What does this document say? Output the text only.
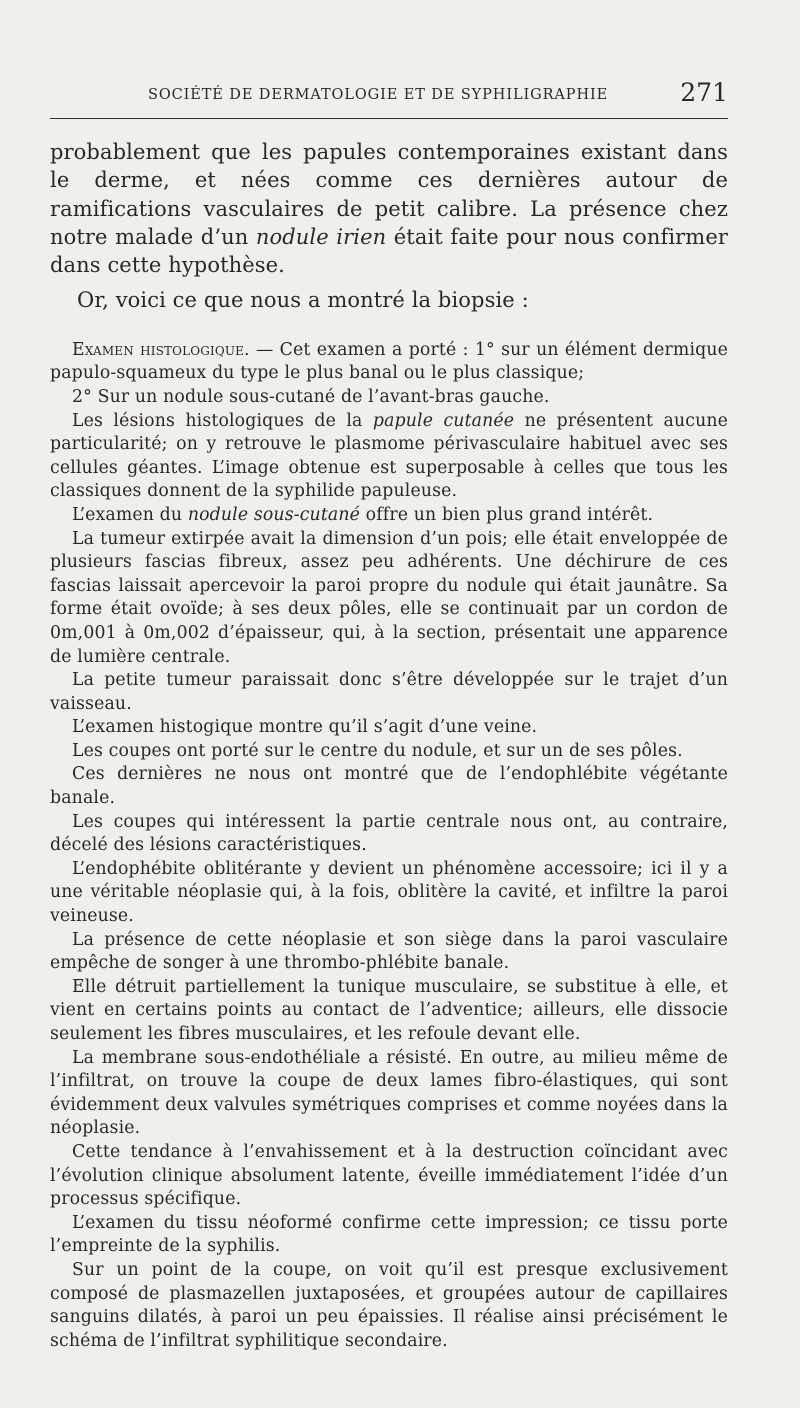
SOCIÉTÉ DE DERMATOLOGIE ET DE SYPHILIGRAPHIE	271

probablement que les papules contemporaines existant dans le derme, et nées comme ces dernières autour de ramifications vasculaires de petit calibre. La présence chez notre malade d’un nodule irien était faite pour nous confirmer dans cette hypothèse.

Or, voici ce que nous a montré la biopsie :

Examen histologique. — Cet examen a porté : 1° sur un élément dermique papulo-squameux du type le plus banal ou le plus classique;

2° Sur un nodule sous-cutané de l’avant-bras gauche.

Les lésions histologiques de la papule cutanée ne présentent aucune particularité; on y retrouve le plasmome périvasculaire habituel avec ses cellules géantes. L’image obtenue est superposable à celles que tous les classiques donnent de la syphilide papuleuse.

L’examen du nodule sous-cutané offre un bien plus grand intérêt.

La tumeur extirpée avait la dimension d’un pois; elle était enveloppée de plusieurs fascias fibreux, assez peu adhérents. Une déchirure de ces fascias laissait apercevoir la paroi propre du nodule qui était jaunâtre. Sa forme était ovoïde; à ses deux pôles, elle se continuait par un cordon de 0m,001 à 0m,002 d’épaisseur, qui, à la section, présentait une apparence de lumière centrale.

La petite tumeur paraissait donc s’être développée sur le trajet d’un vaisseau.

L’examen histogique montre qu’il s’agit d’une veine.

Les coupes ont porté sur le centre du nodule, et sur un de ses pôles.

Ces dernières ne nous ont montré que de l’endophlébite végétante banale.

Les coupes qui intéressent la partie centrale nous ont, au contraire, décelé des lésions caractéristiques.

L’endophébite oblitérante y devient un phénomène accessoire; ici il y a une véritable néoplasie qui, à la fois, oblitère la cavité, et infiltre la paroi veineuse.

La présence de cette néoplasie et son siège dans la paroi vasculaire empêche de songer à une thrombo-phlébite banale.

Elle détruit partiellement la tunique musculaire, se substitue à elle, et vient en certains points au contact de l’adventice; ailleurs, elle dissocie seulement les fibres musculaires, et les refoule devant elle.

La membrane sous-endothéliale a résisté. En outre, au milieu même de l’infiltrat, on trouve la coupe de deux lames fibro-élastiques, qui sont évidemment deux valvules symétriques comprises et comme noyées dans la néoplasie.

Cette tendance à l’envahissement et à la destruction coïncidant avec l’évolution clinique absolument latente, éveille immédiatement l’idée d’un processus spécifique.

L’examen du tissu néoformé confirme cette impression; ce tissu porte l’empreinte de la syphilis.

Sur un point de la coupe, on voit qu’il est presque exclusivement composé de plasmazellen juxtaposées, et groupées autour de capillaires sanguins dilatés, à paroi un peu épaissies. Il réalise ainsi précisément le schéma de l’infiltrat syphilitique secondaire.
